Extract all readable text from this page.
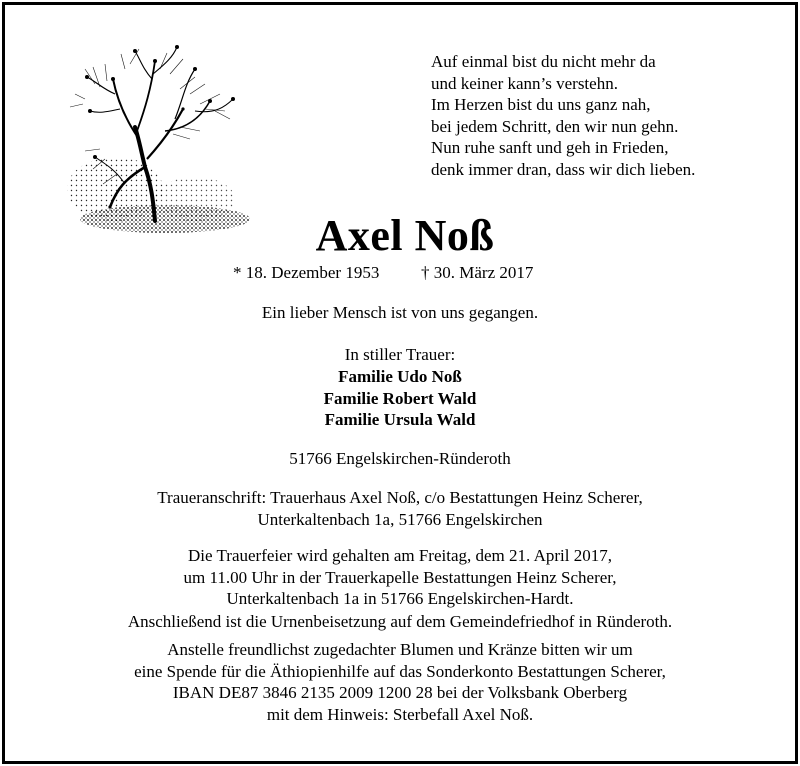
Auf einmal bist du nicht mehr da
und keiner kann’s verstehn.
Im Herzen bist du uns ganz nah,
bei jedem Schritt, den wir nun gehn.
Nun ruhe sanft und geh in Frieden,
denk immer dran, dass wir dich lieben.
Axel Noß
* 18. Dezember 1953 † 30. März 2017
Ein lieber Mensch ist von uns gegangen.
In stiller Trauer:
Familie Udo Noß
Familie Robert Wald
Familie Ursula Wald
51766 Engelskirchen-Ründeroth
Traueranschrift: Trauerhaus Axel Noß, c/o Bestattungen Heinz Scherer,
Unterkaltenbach 1a, 51766 Engelskirchen
Die Trauerfeier wird gehalten am Freitag, dem 21. April 2017,
um 11.00 Uhr in der Trauerkapelle Bestattungen Heinz Scherer,
Unterkaltenbach 1a in 51766 Engelskirchen-Hardt.
Anschließend ist die Urnenbeisetzung auf dem Gemeindefriedhof in Ründeroth.
Anstelle freundlichst zugedachter Blumen und Kränze bitten wir um
eine Spende für die Äthiopienhilfe auf das Sonderkonto Bestattungen Scherer,
IBAN DE87 3846 2135 2009 1200 28 bei der Volksbank Oberberg
mit dem Hinweis: Sterbefall Axel Noß.
